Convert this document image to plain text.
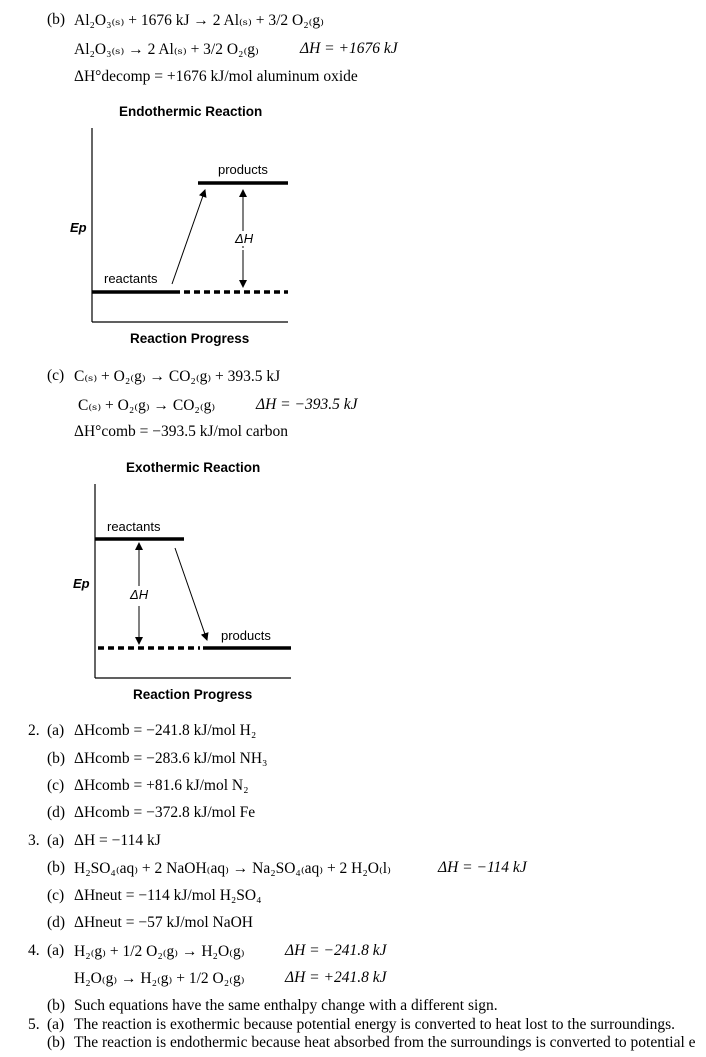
(b) Al₂O₃₍ₛ₎ + 1676 kJ → 2 Al₍ₛ₎ + 3/2 O₂₍g₎
Al₂O₃₍ₛ₎ → 2 Al₍ₛ₎ + 3/2 O₂₍g₎	ΔH = +1676 kJ
ΔH°decomp = +1676 kJ/mol aluminum oxide
Endothermic Reaction
Ep
products
reactants
ΔH
Reaction Progress
(c) C₍ₛ₎ + O₂₍g₎ → CO₂₍g₎ + 393.5 kJ
C₍ₛ₎ + O₂₍g₎ → CO₂₍g₎	ΔH = −393.5 kJ
ΔH°comb = −393.5 kJ/mol carbon
Exothermic Reaction
Ep
reactants
products
ΔH
Reaction Progress
2. (a) ΔHcomb = −241.8 kJ/mol H₂
(b) ΔHcomb = −283.6 kJ/mol NH₃
(c) ΔHcomb = +81.6 kJ/mol N₂
(d) ΔHcomb = −372.8 kJ/mol Fe
3. (a) ΔH = −114 kJ
(b) H₂SO₄₍aq₎ + 2 NaOH₍aq₎ → Na₂SO₄₍aq₎ + 2 H₂O₍l₎	ΔH = −114 kJ
(c) ΔHneut = −114 kJ/mol H₂SO₄
(d) ΔHneut = −57 kJ/mol NaOH
4. (a) H₂₍g₎ + 1/2 O₂₍g₎ → H₂O₍g₎	ΔH = −241.8 kJ
H₂O₍g₎ → H₂₍g₎ + 1/2 O₂₍g₎	ΔH = +241.8 kJ
(b) Such equations have the same enthalpy change with a different sign.
5. (a) The reaction is exothermic because potential energy is converted to heat lost to the surroundings.
(b) The reaction is endothermic because heat absorbed from the surroundings is converted to potential e
